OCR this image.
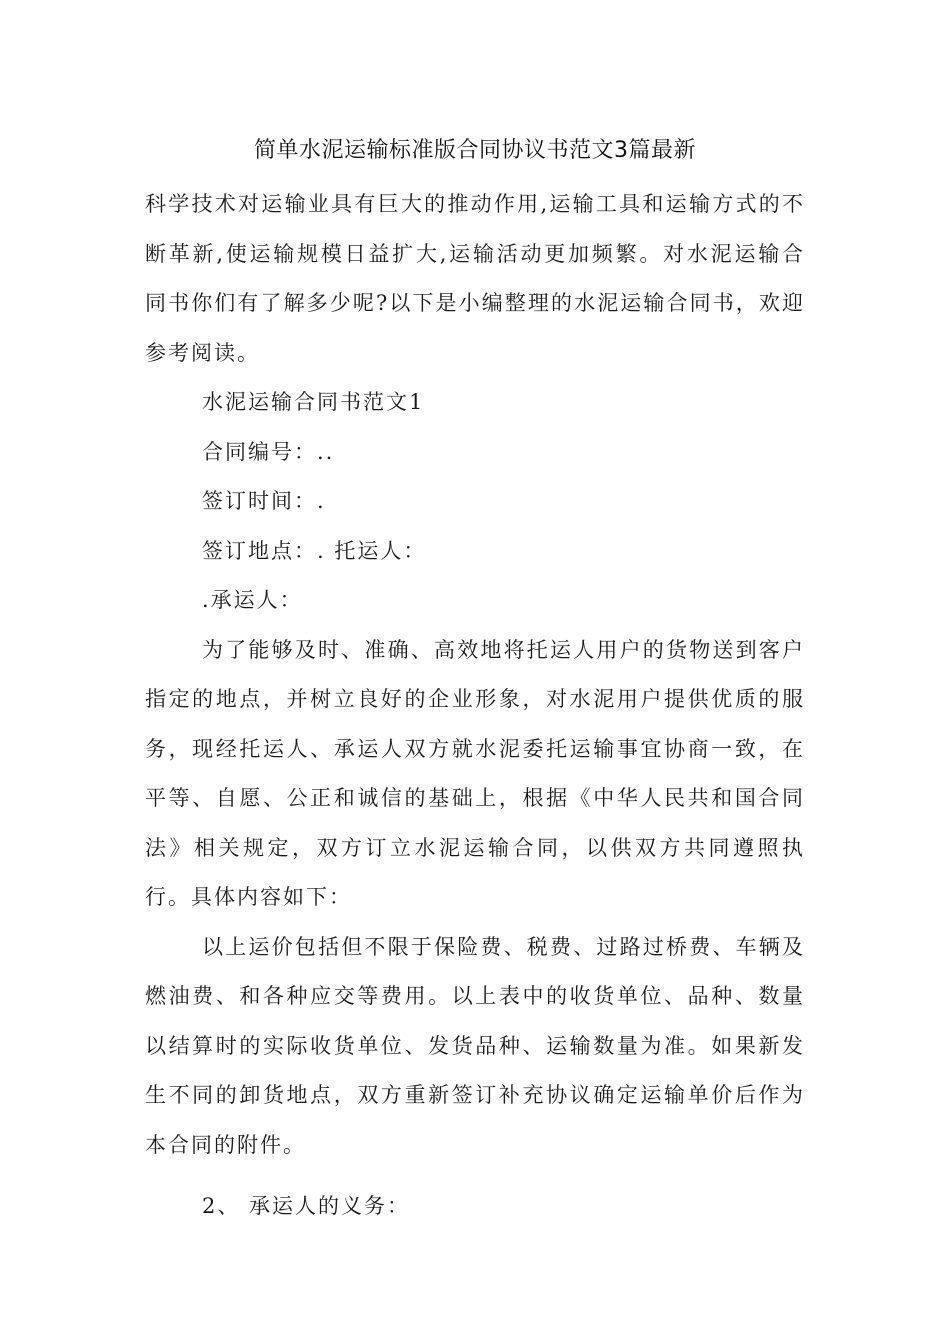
简单水泥运输标准版合同协议书范文3篇最新

科学技术对运输业具有巨大的推动作用,运输工具和运输方式的不断革新,使运输规模日益扩大,运输活动更加频繁。对水泥运输合同书你们有了解多少呢?以下是小编整理的水泥运输合同书，欢迎参考阅读。

水泥运输合同书范文1

合同编号：..

签订时间：.

签订地点：. 托运人：

.承运人：

为了能够及时、准确、高效地将托运人用户的货物送到客户指定的地点，并树立良好的企业形象，对水泥用户提供优质的服务，现经托运人、承运人双方就水泥委托运输事宜协商一致，在平等、自愿、公正和诚信的基础上，根据《中华人民共和国合同法》相关规定，双方订立水泥运输合同，以供双方共同遵照执行。具体内容如下：

以上运价包括但不限于保险费、税费、过路过桥费、车辆及燃油费、和各种应交等费用。以上表中的收货单位、品种、数量以结算时的实际收货单位、发货品种、运输数量为准。如果新发生不同的卸货地点，双方重新签订补充协议确定运输单价后作为本合同的附件。

2、 承运人的义务：
